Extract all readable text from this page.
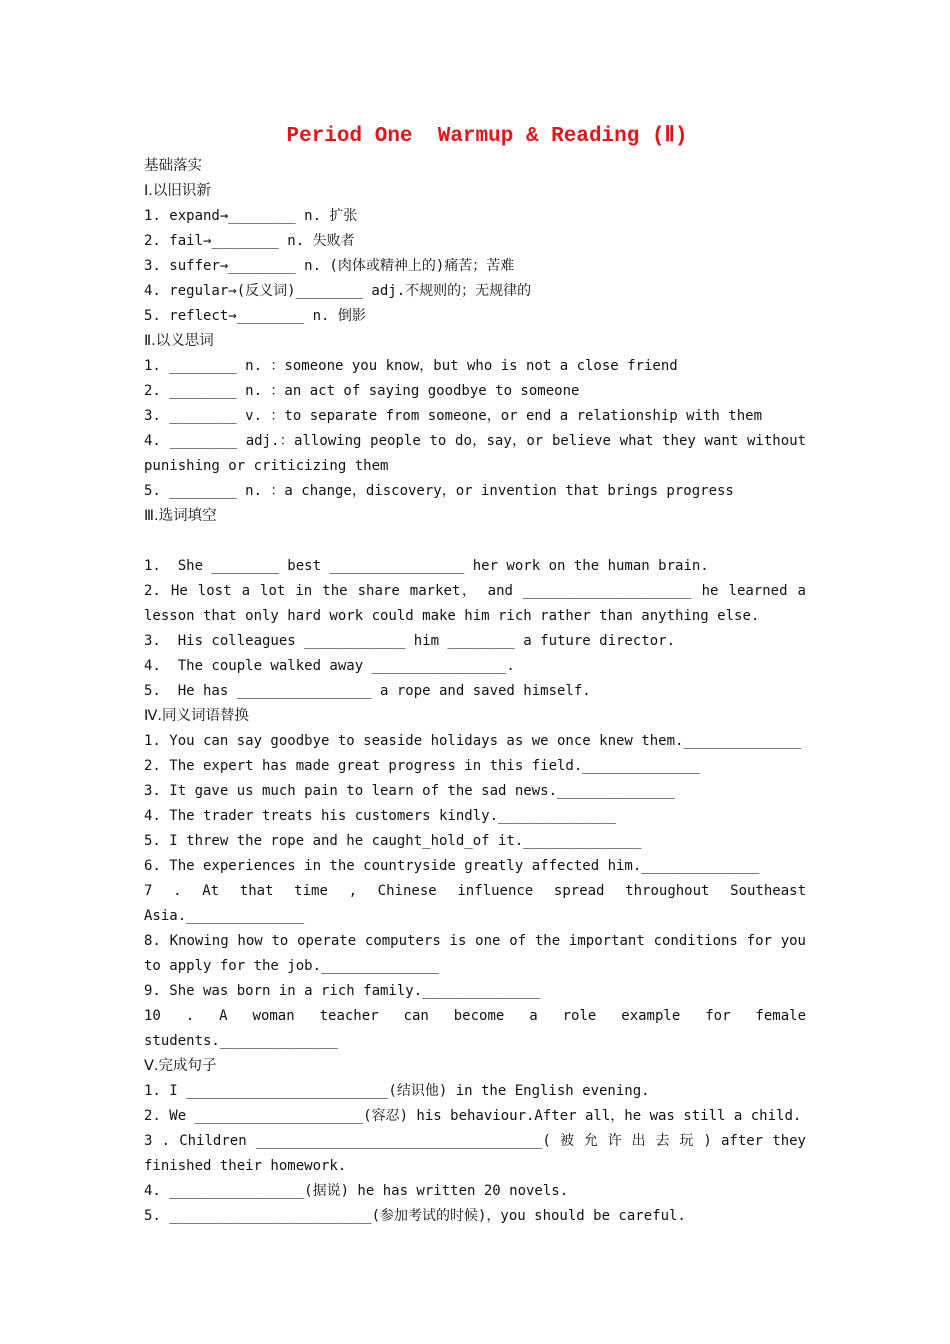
Period One  Warmup & Reading (Ⅱ)
基础落实
Ⅰ.以旧识新
1. expand→________ n. 扩张
2. fail→________ n. 失败者
3. suffer→________ n. (肉体或精神上的)痛苦；苦难
4. regular→(反义词)________ adj.不规则的；无规律的
5. reflect→________ n. 倒影
Ⅱ.以义思词
1. ________ n. ：someone you know，but who is not a close friend
2. ________ n. ：an act of saying goodbye to someone
3. ________ v. ：to separate from someone，or end a relationship with them
4. ________ adj.：allowing people to do，say，or believe what they want without
punishing or criticizing them
5. ________ n. ：a change，discovery，or invention that brings progress
Ⅲ.选词填空
1.  She ________ best ________________ her work on the human brain.
2. He lost a lot in the share market， and ____________________ he learned a
lesson that only hard work could make him rich rather than anything else.
3.  His colleagues ____________ him ________ a future director.
4.  The couple walked away ________________.
5.  He has ________________ a rope and saved himself.
Ⅳ.同义词语替换
1. You can say goodbye to seaside holidays as we once knew them.______________
2. The expert has made great progress in this field.______________
3. It gave us much pain to learn of the sad news.______________
4. The trader treats his customers kindly.______________
5. I threw the rope and he caught_hold_of it.______________
6. The experiences in the countryside greatly affected him.______________
7 . At that time , Chinese influence spread throughout Southeast
Asia.______________
8. Knowing how to operate computers is one of the important conditions for you
to apply for the job.______________
9. She was born in a rich family.______________
10 . A woman teacher can become a role example for female
students.______________
Ⅴ.完成句子
1. I ________________________(结识他) in the English evening.
2. We ____________________(容忍) his behaviour.After all，he was still a child.
3 . Children __________________________________( 被 允 许 出 去 玩 ) after they
finished their homework.
4. ________________(据说) he has written 20 novels.
5. ________________________(参加考试的时候)，you should be careful.
